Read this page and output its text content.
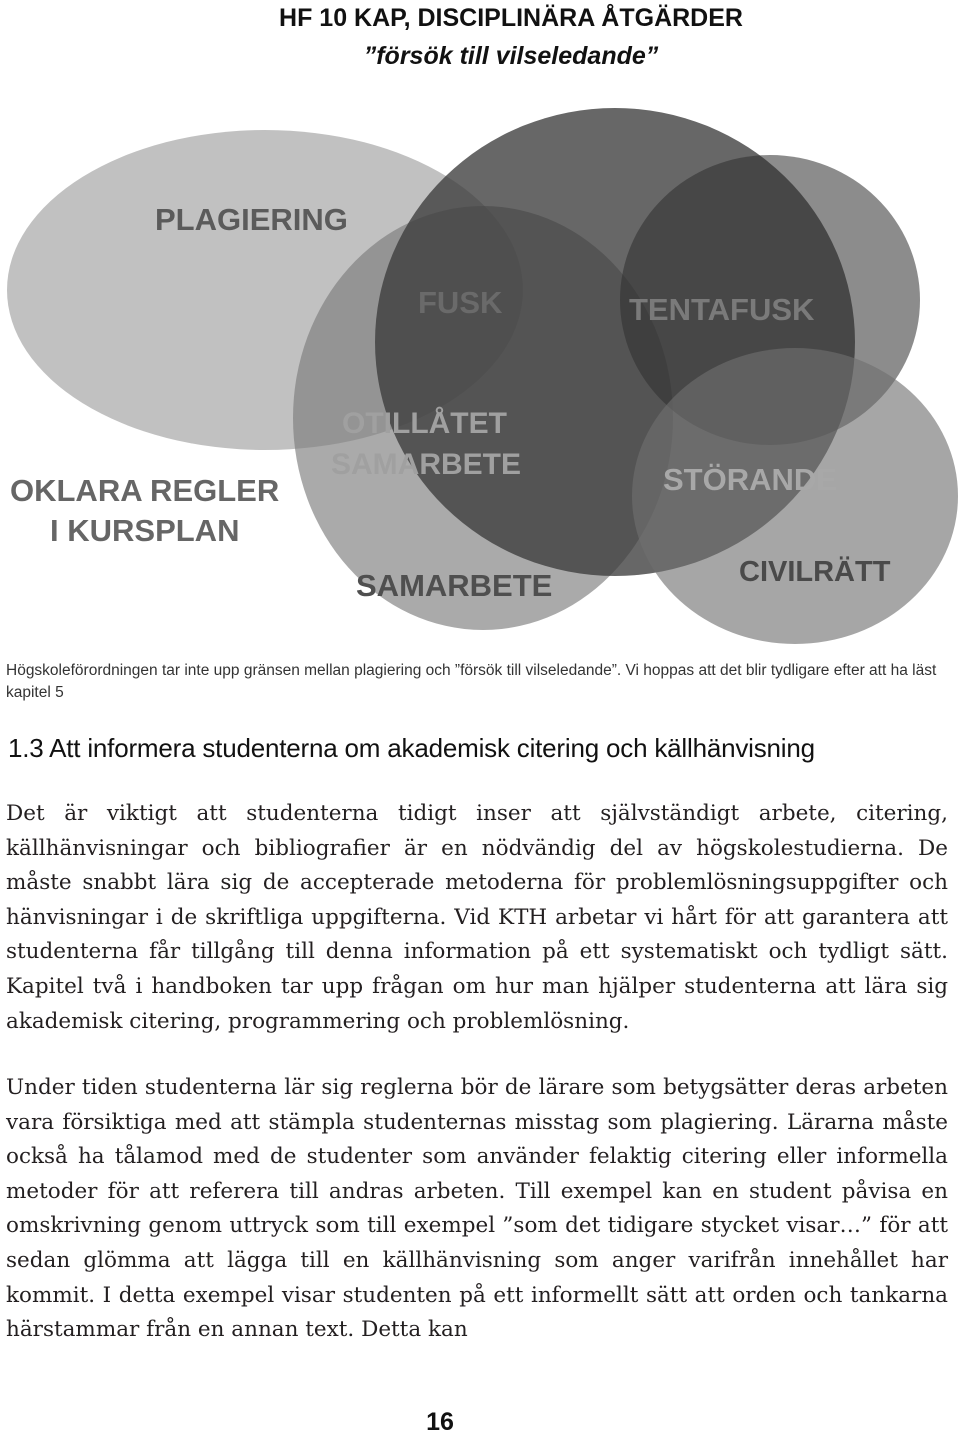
HF 10 KAP, DISCIPLINÄRA ÅTGÄRDER
”försök till vilseledande”
PLAGIERING
FUSK	TENTAFUSK
OTILLÅTET
SAMARBETE
OKLARA REGLER
I KURSPLAN
STÖRANDE
SAMARBETE	CIVILRÄTT
Högskoleförordningen tar inte upp gränsen mellan plagiering och ”försök till vilseledande”. Vi hoppas att det blir tydligare efter att ha läst kapitel 5
1.3 Att informera studenterna om akademisk citering och källhänvisning

Det är viktigt att studenterna tidigt inser att självständigt arbete, citering, källhänvisningar och bibliografier är en nödvändig del av högskolestudierna. De måste snabbt lära sig de accepterade metoderna för problemlösningsuppgifter och hänvisningar i de skriftliga uppgifterna. Vid KTH arbetar vi hårt för att garantera att studenterna får tillgång till denna information på ett systematiskt och tydligt sätt. Kapitel två i handboken tar upp frågan om hur man hjälper studenterna att lära sig akademisk citering, programmering och problemlösning.

Under tiden studenterna lär sig reglerna bör de lärare som betygsätter deras arbeten vara försiktiga med att stämpla studenternas misstag som plagiering. Lärarna måste också ha tålamod med de studenter som använder felaktig citering eller informella metoder för att referera till andras arbeten. Till exempel kan en student påvisa en omskrivning genom uttryck som till exempel ”som det tidigare stycket visar…” för att sedan glömma att lägga till en källhänvisning som anger varifrån innehållet har kommit. I detta exempel visar studenten på ett informellt sätt att orden och tankarna härstammar från en annan text. Detta kan

16
